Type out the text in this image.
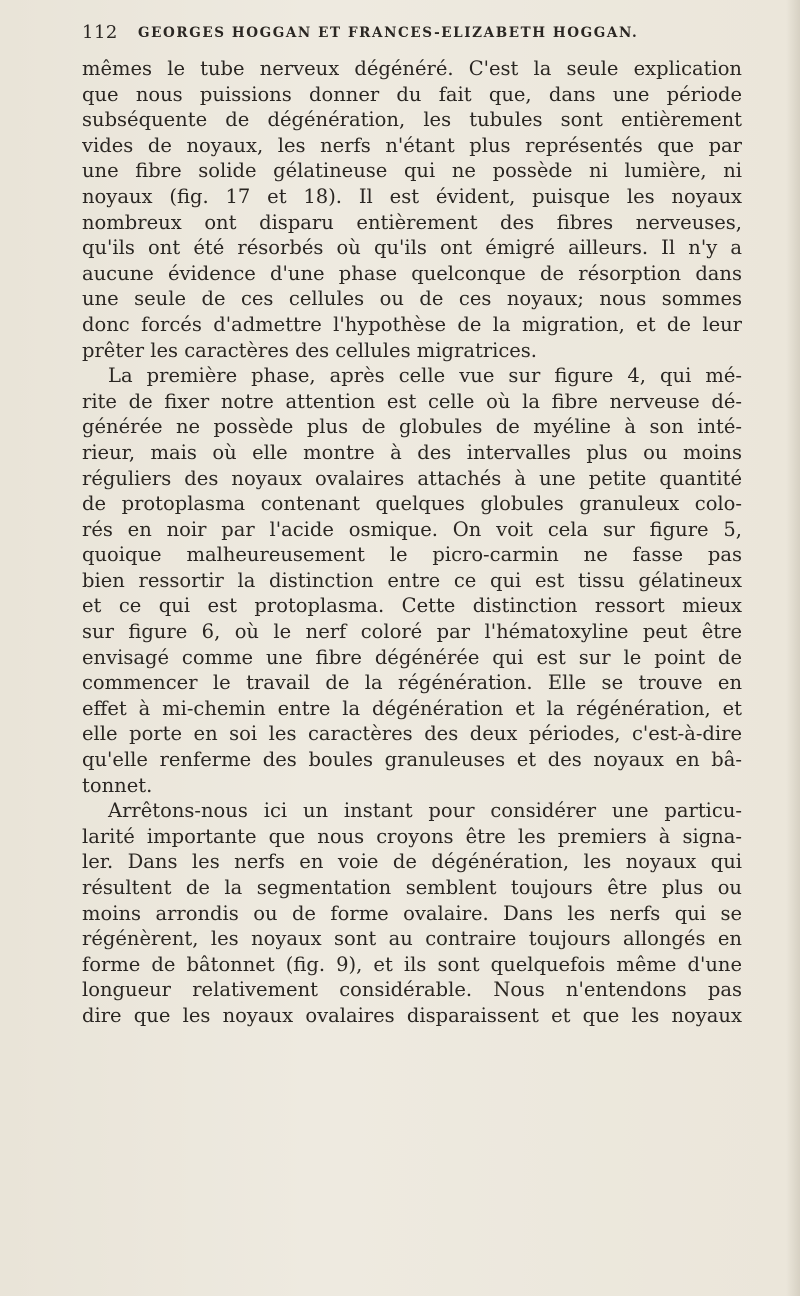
112 GEORGES HOGGAN ET FRANCES-ELIZABETH HOGGAN.
mêmes le tube nerveux dégénéré. C'est la seule explication
que nous puissions donner du fait que, dans une période
subséquente de dégénération, les tubules sont entièrement
vides de noyaux, les nerfs n'étant plus représentés que par
une fibre solide gélatineuse qui ne possède ni lumière, ni
noyaux (fig. 17 et 18). Il est évident, puisque les noyaux
nombreux ont disparu entièrement des fibres nerveuses,
qu'ils ont été résorbés où qu'ils ont émigré ailleurs. Il n'y a
aucune évidence d'une phase quelconque de résorption dans
une seule de ces cellules ou de ces noyaux; nous sommes
donc forcés d'admettre l'hypothèse de la migration, et de leur
prêter les caractères des cellules migratrices.
La première phase, après celle vue sur figure 4, qui mé-
rite de fixer notre attention est celle où la fibre nerveuse dé-
générée ne possède plus de globules de myéline à son inté-
rieur, mais où elle montre à des intervalles plus ou moins
réguliers des noyaux ovalaires attachés à une petite quantité
de protoplasma contenant quelques globules granuleux colo-
rés en noir par l'acide osmique. On voit cela sur figure 5,
quoique malheureusement le picro-carmin ne fasse pas
bien ressortir la distinction entre ce qui est tissu gélatineux
et ce qui est protoplasma. Cette distinction ressort mieux
sur figure 6, où le nerf coloré par l'hématoxyline peut être
envisagé comme une fibre dégénérée qui est sur le point de
commencer le travail de la régénération. Elle se trouve en
effet à mi-chemin entre la dégénération et la régénération, et
elle porte en soi les caractères des deux périodes, c'est-à-dire
qu'elle renferme des boules granuleuses et des noyaux en bâ-
tonnet.
Arrêtons-nous ici un instant pour considérer une particu-
larité importante que nous croyons être les premiers à signa-
ler. Dans les nerfs en voie de dégénération, les noyaux qui
résultent de la segmentation semblent toujours être plus ou
moins arrondis ou de forme ovalaire. Dans les nerfs qui se
régénèrent, les noyaux sont au contraire toujours allongés en
forme de bâtonnet (fig. 9), et ils sont quelquefois même d'une
longueur relativement considérable. Nous n'entendons pas
dire que les noyaux ovalaires disparaissent et que les noyaux
